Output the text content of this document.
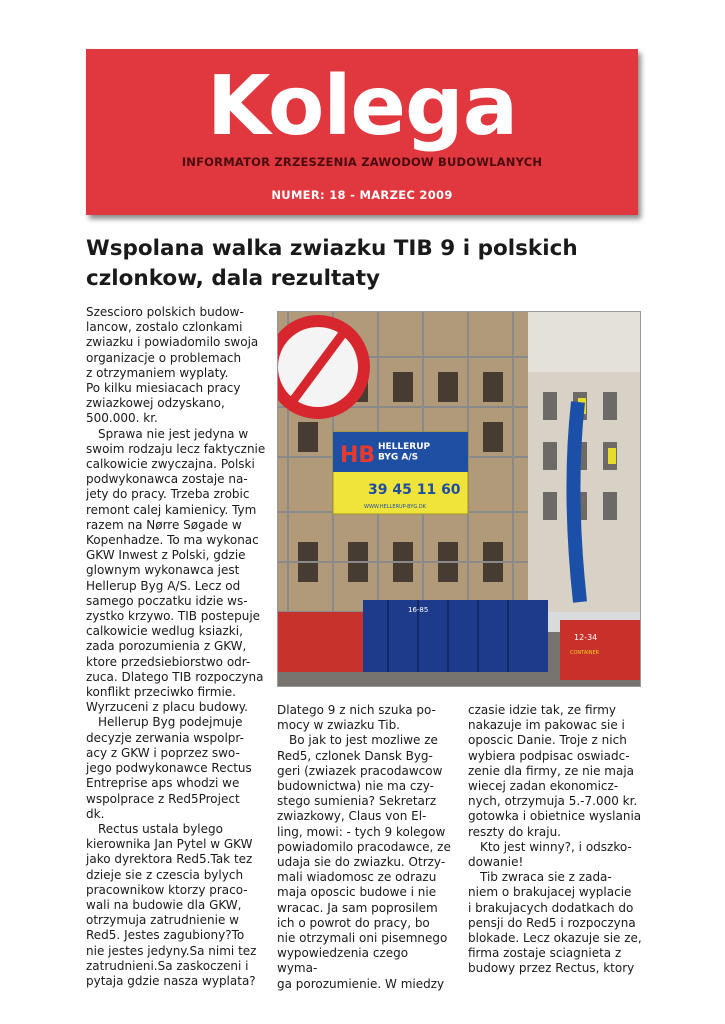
Kolega
INFORMATOR ZRZESZENIA ZAWODOW BUDOWLANYCH
NUMER: 18 - MARZEC 2009
Wspolana walka zwiazku TIB 9 i polskich
czlonkow, dala rezultaty

Szescioro polskich budow-
lancow, zostalo czlonkami
zwiazku i powiadomilo swoja
organizacje o problemach
z otrzymaniem wyplaty.
Po kilku miesiacach pracy
zwiazkowej odzyskano,
500.000. kr.

Sprawa nie jest jedyna w
swoim rodzaju lecz faktycznie
calkowicie zwyczajna. Polski
podwykonawca zostaje na-
jety do pracy. Trzeba zrobic
remont calej kamienicy. Tym
razem na Nørre Søgade w
Kopenhadze. To ma wykonac
GKW Inwest z Polski, gdzie
glownym wykonawca jest
Hellerup Byg A/S. Lecz od
samego poczatku idzie ws-
zystko krzywo. TIB postepuje
calkowicie wedlug ksiazki,
zada porozumienia z GKW,
ktore przedsiebiorstwo odr-
zuca. Dlatego TIB rozpoczyna
konflikt przeciwko firmie.
Wyrzuceni z placu budowy.

Hellerup Byg podejmuje
decyzje zerwania wspolpr-
acy z GKW i poprzez swo-
jego podwykonawce Rectus
Entreprise aps whodzi we
wspolprace z Red5Project
dk.

Rectus ustala bylego
kierownika Jan Pytel w GKW
jako dyrektora Red5.Tak tez
dzieje sie z czescia bylych
pracownikow ktorzy praco-
wali na budowie dla GKW,
otrzymuja zatrudnienie w
Red5. Jestes zagubiony?To
nie jestes jedyny.Sa nimi tez
zatrudnieni.Sa zaskoczeni i
pytaja gdzie nasza wyplata?

HB HELLERUP BYG A/S
39 45 11 60
WWW.HELLERUP-BYG.DK
16-85
12-34
CONTAINER

Dlatego 9 z nich szuka po-
mocy w zwiazku Tib.

Bo jak to jest mozliwe ze
Red5, czlonek Dansk Byg-
geri (zwiazek pracodawcow
budownictwa) nie ma czy-
stego sumienia? Sekretarz
zwiazkowy, Claus von El-
ling, mowi: - tych 9 kolegow
powiadomilo pracodawce, ze
udaja sie do zwiazku. Otrzy-
mali wiadomosc ze odrazu
maja oposcic budowe i nie
wracac. Ja sam poprosilem
ich o powrot do pracy, bo
nie otrzymali oni pisemnego
wypowiedzenia czego wyma-
ga porozumienie. W miedzy

czasie idzie tak, ze firmy
nakazuje im pakowac sie i
oposcic Danie. Troje z nich
wybiera podpisac oswiadc-
zenie dla firmy, ze nie maja
wiecej zadan ekonomicz-
nych, otrzymuja 5.-7.000 kr.
gotowka i obietnice wyslania
reszty do kraju.

Kto jest winny?, i odszko-
dowanie!

Tib zwraca sie z zada-
niem o brakujacej wyplacie
i brakujacych dodatkach do
pensji do Red5 i rozpoczyna
blokade. Lecz okazuje sie ze,
firma zostaje sciagnieta z
budowy przez Rectus, ktory
